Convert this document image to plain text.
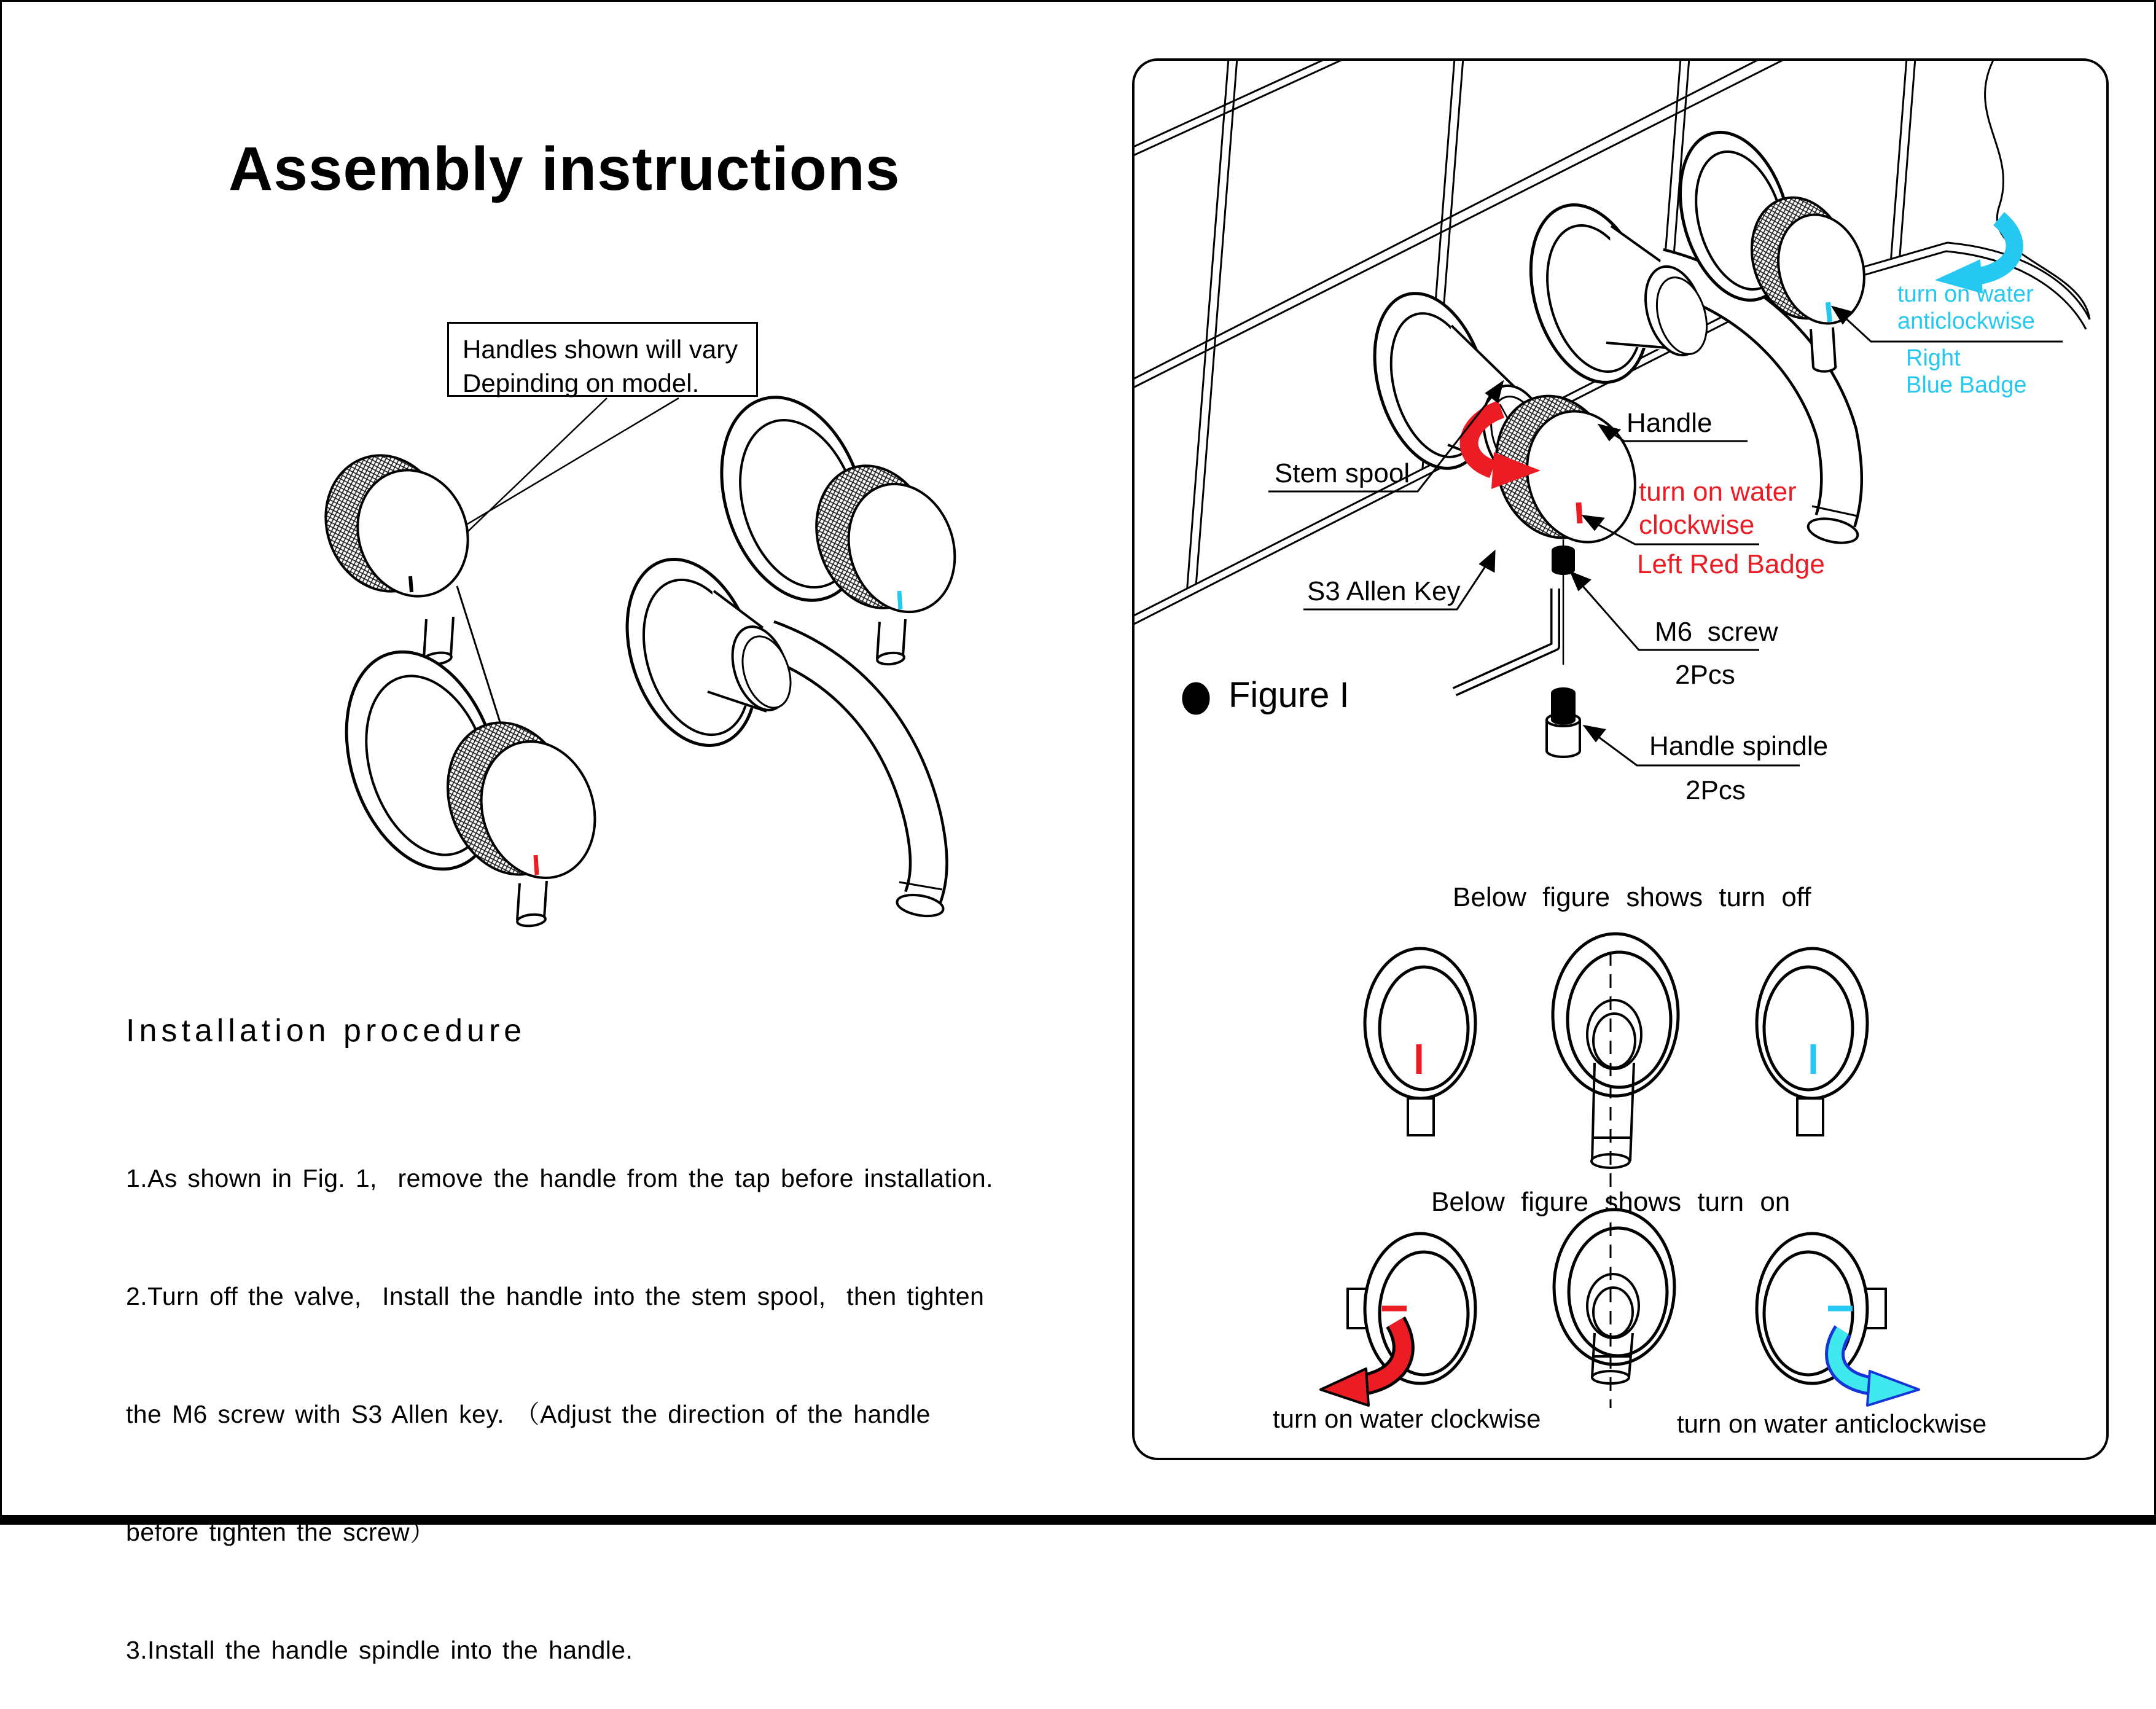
Assembly instructions
Handles shown will vary
Depinding on model.
Installation procedure

1.As shown in Fig. 1,  remove the handle from the tap before installation.

2.Turn off the valve,  Install the handle into the stem spool,  then tighten

the M6 screw with S3 Allen key. （Adjust the direction of the handle

before tighten the screw）

3.Install the handle spindle into the handle.

Handle
turn on water
clockwise
Left Red Badge
Stem spool
M6  screw
2Pcs
S3 Allen Key
Handle spindle
2Pcs
turn on water
anticlockwise
Right
Blue Badge
Figure I
Below figure shows turn off
Below figure shows turn on
turn on water clockwise	turn on water anticlockwise
